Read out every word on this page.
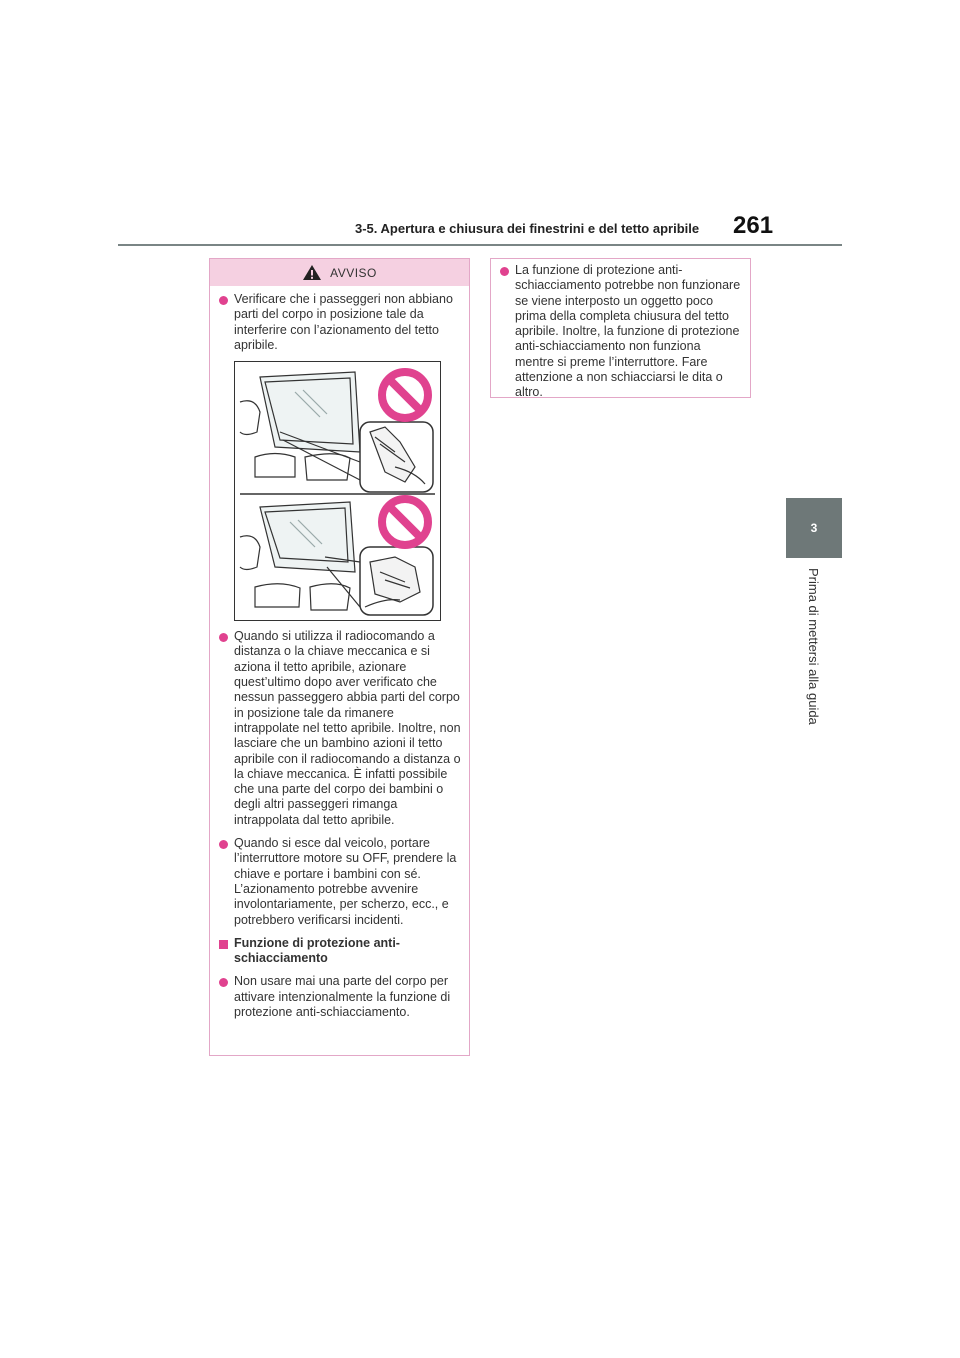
3-5. Apertura e chiusura dei finestrini e del tetto apribile 261
3
Prima di mettersi alla guida
AVVISO
Verificare che i passeggeri non abbiano parti del corpo in posizione tale da interferire con l’azionamento del tetto apribile.
Quando si utilizza il radiocomando a distanza o la chiave meccanica e si aziona il tetto apribile, azionare quest’ultimo dopo aver verificato che nessun passeggero abbia parti del corpo in posizione tale da rimanere intrappolate nel tetto apribile. Inoltre, non lasciare che un bambino azioni il tetto apribile con il radiocomando a distanza o la chiave meccanica. È infatti possibile che una parte del corpo dei bambini o degli altri passeggeri rimanga intrappolata dal tetto apribile.
Quando si esce dal veicolo, portare l’interruttore motore su OFF, prendere la chiave e portare i bambini con sé. L’azionamento potrebbe avvenire involontariamente, per scherzo, ecc., e potrebbero verificarsi incidenti.
Funzione di protezione anti-schiacciamento
Non usare mai una parte del corpo per attivare intenzionalmente la funzione di protezione anti-schiacciamento.
La funzione di protezione anti-schiacciamento potrebbe non funzionare se viene interposto un oggetto poco prima della completa chiusura del tetto apribile. Inoltre, la funzione di protezione anti-schiacciamento non funziona mentre si preme l’interruttore. Fare attenzione a non schiacciarsi le dita o altro.
